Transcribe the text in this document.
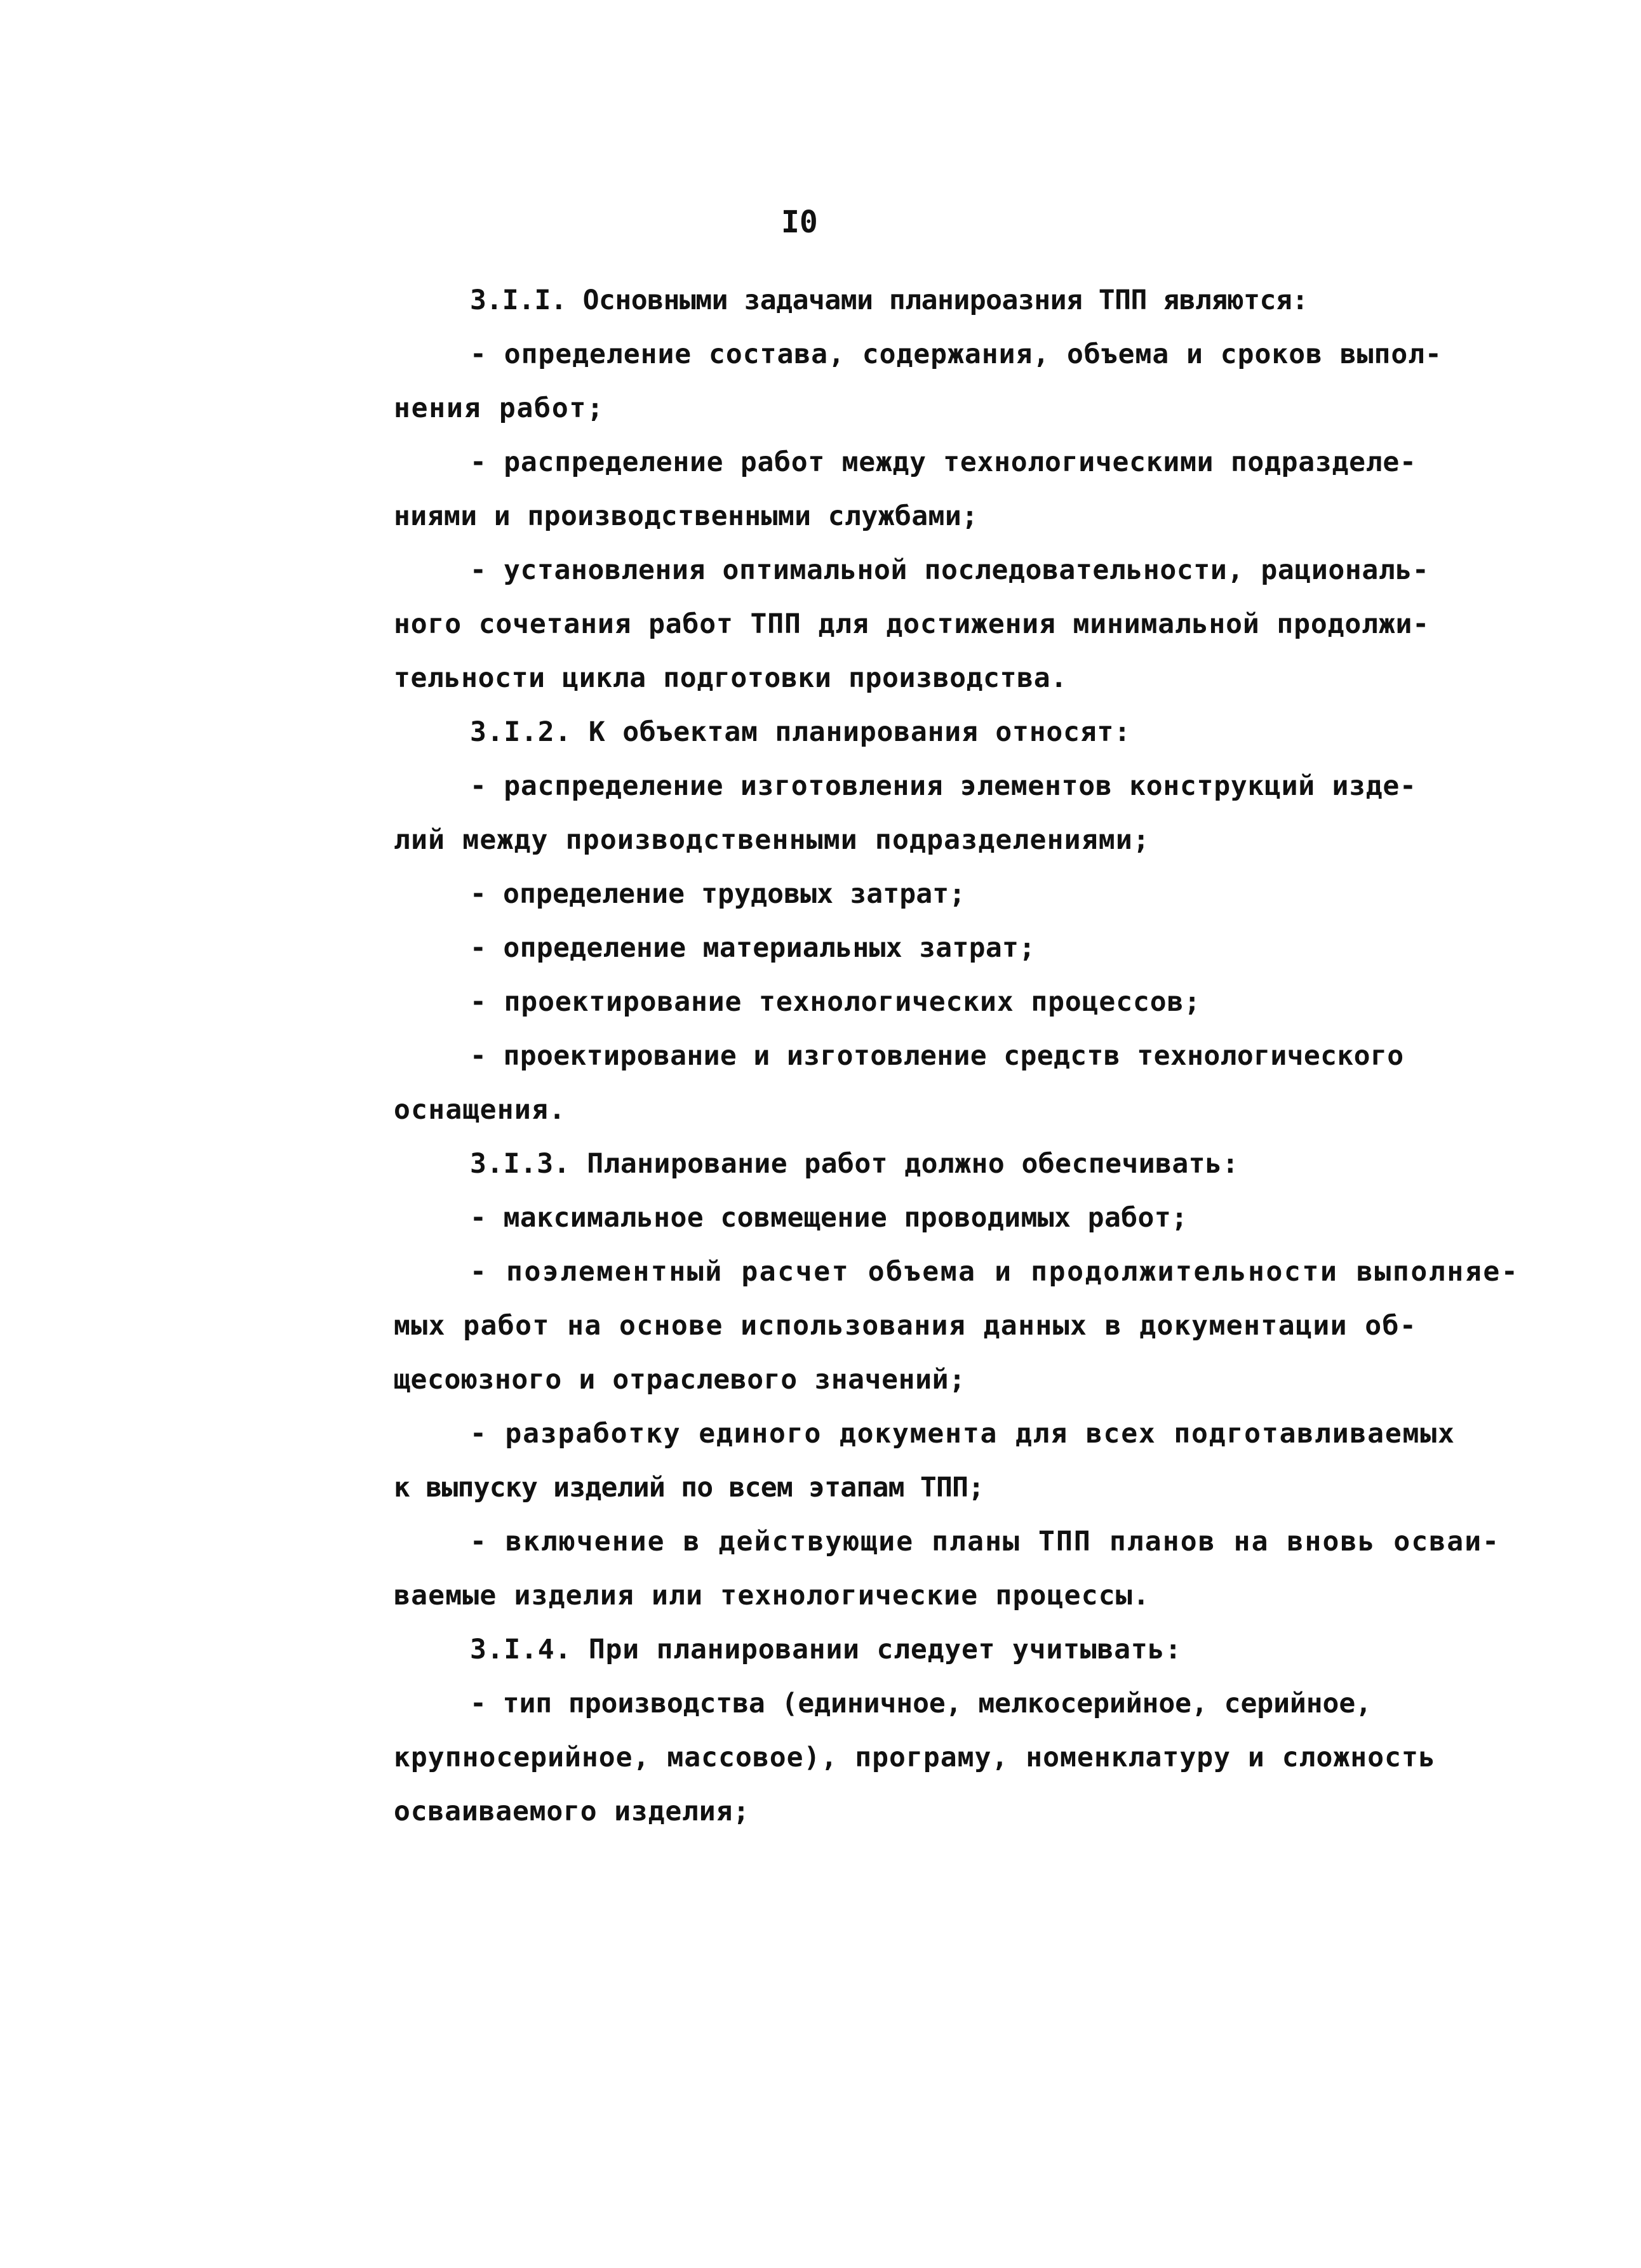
I0
3.I.I. Основными задачами планироазния ТПП являются:
- определение состава, содержания, объема и сроков выпол-
нения работ;
- распределение работ между технологическими подразделе-
ниями и производственными службами;
- установления оптимальной последовательности, рациональ-
ного сочетания работ ТПП для достижения минимальной продолжи-
тельности цикла подготовки производства.
3.I.2. К объектам планирования относят:
- распределение изготовления элементов конструкций изде-
лий между производственными подразделениями;
- определение трудовых затрат;
- определение материальных затрат;
- проектирование технологических процессов;
- проектирование и изготовление средств технологического
оснащения.
3.I.3. Планирование работ должно обеспечивать:
- максимальное совмещение проводимых работ;
- поэлементный расчет объема и продолжительности выполняе-
мых работ на основе использования данных в документации об-
щесоюзного и отраслевого значений;
- разработку единого документа для всех подготавливаемых
к выпуску изделий по всем этапам ТПП;
- включение в действующие планы ТПП планов на вновь осваи-
ваемые изделия или технологические процессы.
3.I.4. При планировании следует учитывать:
- тип производства (единичное, мелкосерийное, серийное,
крупносерийное, массовое), програму, номенклатуру и сложность
осваиваемого изделия;
